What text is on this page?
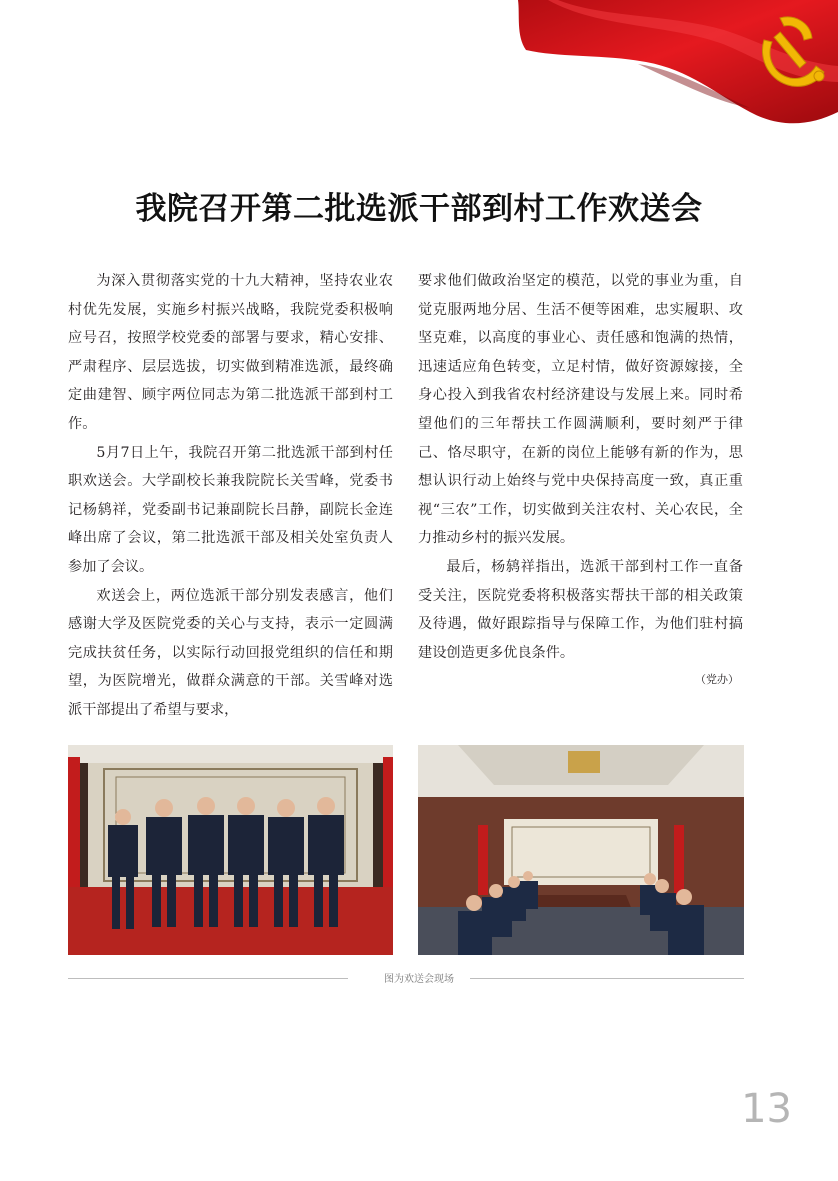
我院召开第二批选派干部到村工作欢送会

为深入贯彻落实党的十九大精神，坚持农业农村优先发展，实施乡村振兴战略，我院党委积极响应号召，按照学校党委的部署与要求，精心安排、严肃程序、层层选拔，切实做到精准选派，最终确定曲建智、顾宇两位同志为第二批选派干部到村工作。

5月7日上午，我院召开第二批选派干部到村任职欢送会。大学副校长兼我院院长关雪峰，党委书记杨鸫祥，党委副书记兼副院长吕静，副院长金连峰出席了会议，第二批选派干部及相关处室负责人参加了会议。

欢送会上，两位选派干部分别发表感言，他们感谢大学及医院党委的关心与支持，表示一定圆满完成扶贫任务，以实际行动回报党组织的信任和期望，为医院增光，做群众满意的干部。关雪峰对选派干部提出了希望与要求，

要求他们做政治坚定的模范，以党的事业为重，自觉克服两地分居、生活不便等困难，忠实履职、攻坚克难，以高度的事业心、责任感和饱满的热情，迅速适应角色转变，立足村情，做好资源嫁接，全身心投入到我省农村经济建设与发展上来。同时希望他们的三年帮扶工作圆满顺利，要时刻严于律己、恪尽职守，在新的岗位上能够有新的作为，思想认识行动上始终与党中央保持高度一致，真正重视“三农”工作，切实做到关注农村、关心农民，全力推动乡村的振兴发展。

最后，杨鸫祥指出，选派干部到村工作一直备受关注，医院党委将积极落实帮扶干部的相关政策及待遇，做好跟踪指导与保障工作，为他们驻村搞建设创造更多优良条件。

（党办）
图为欢送会现场
13
